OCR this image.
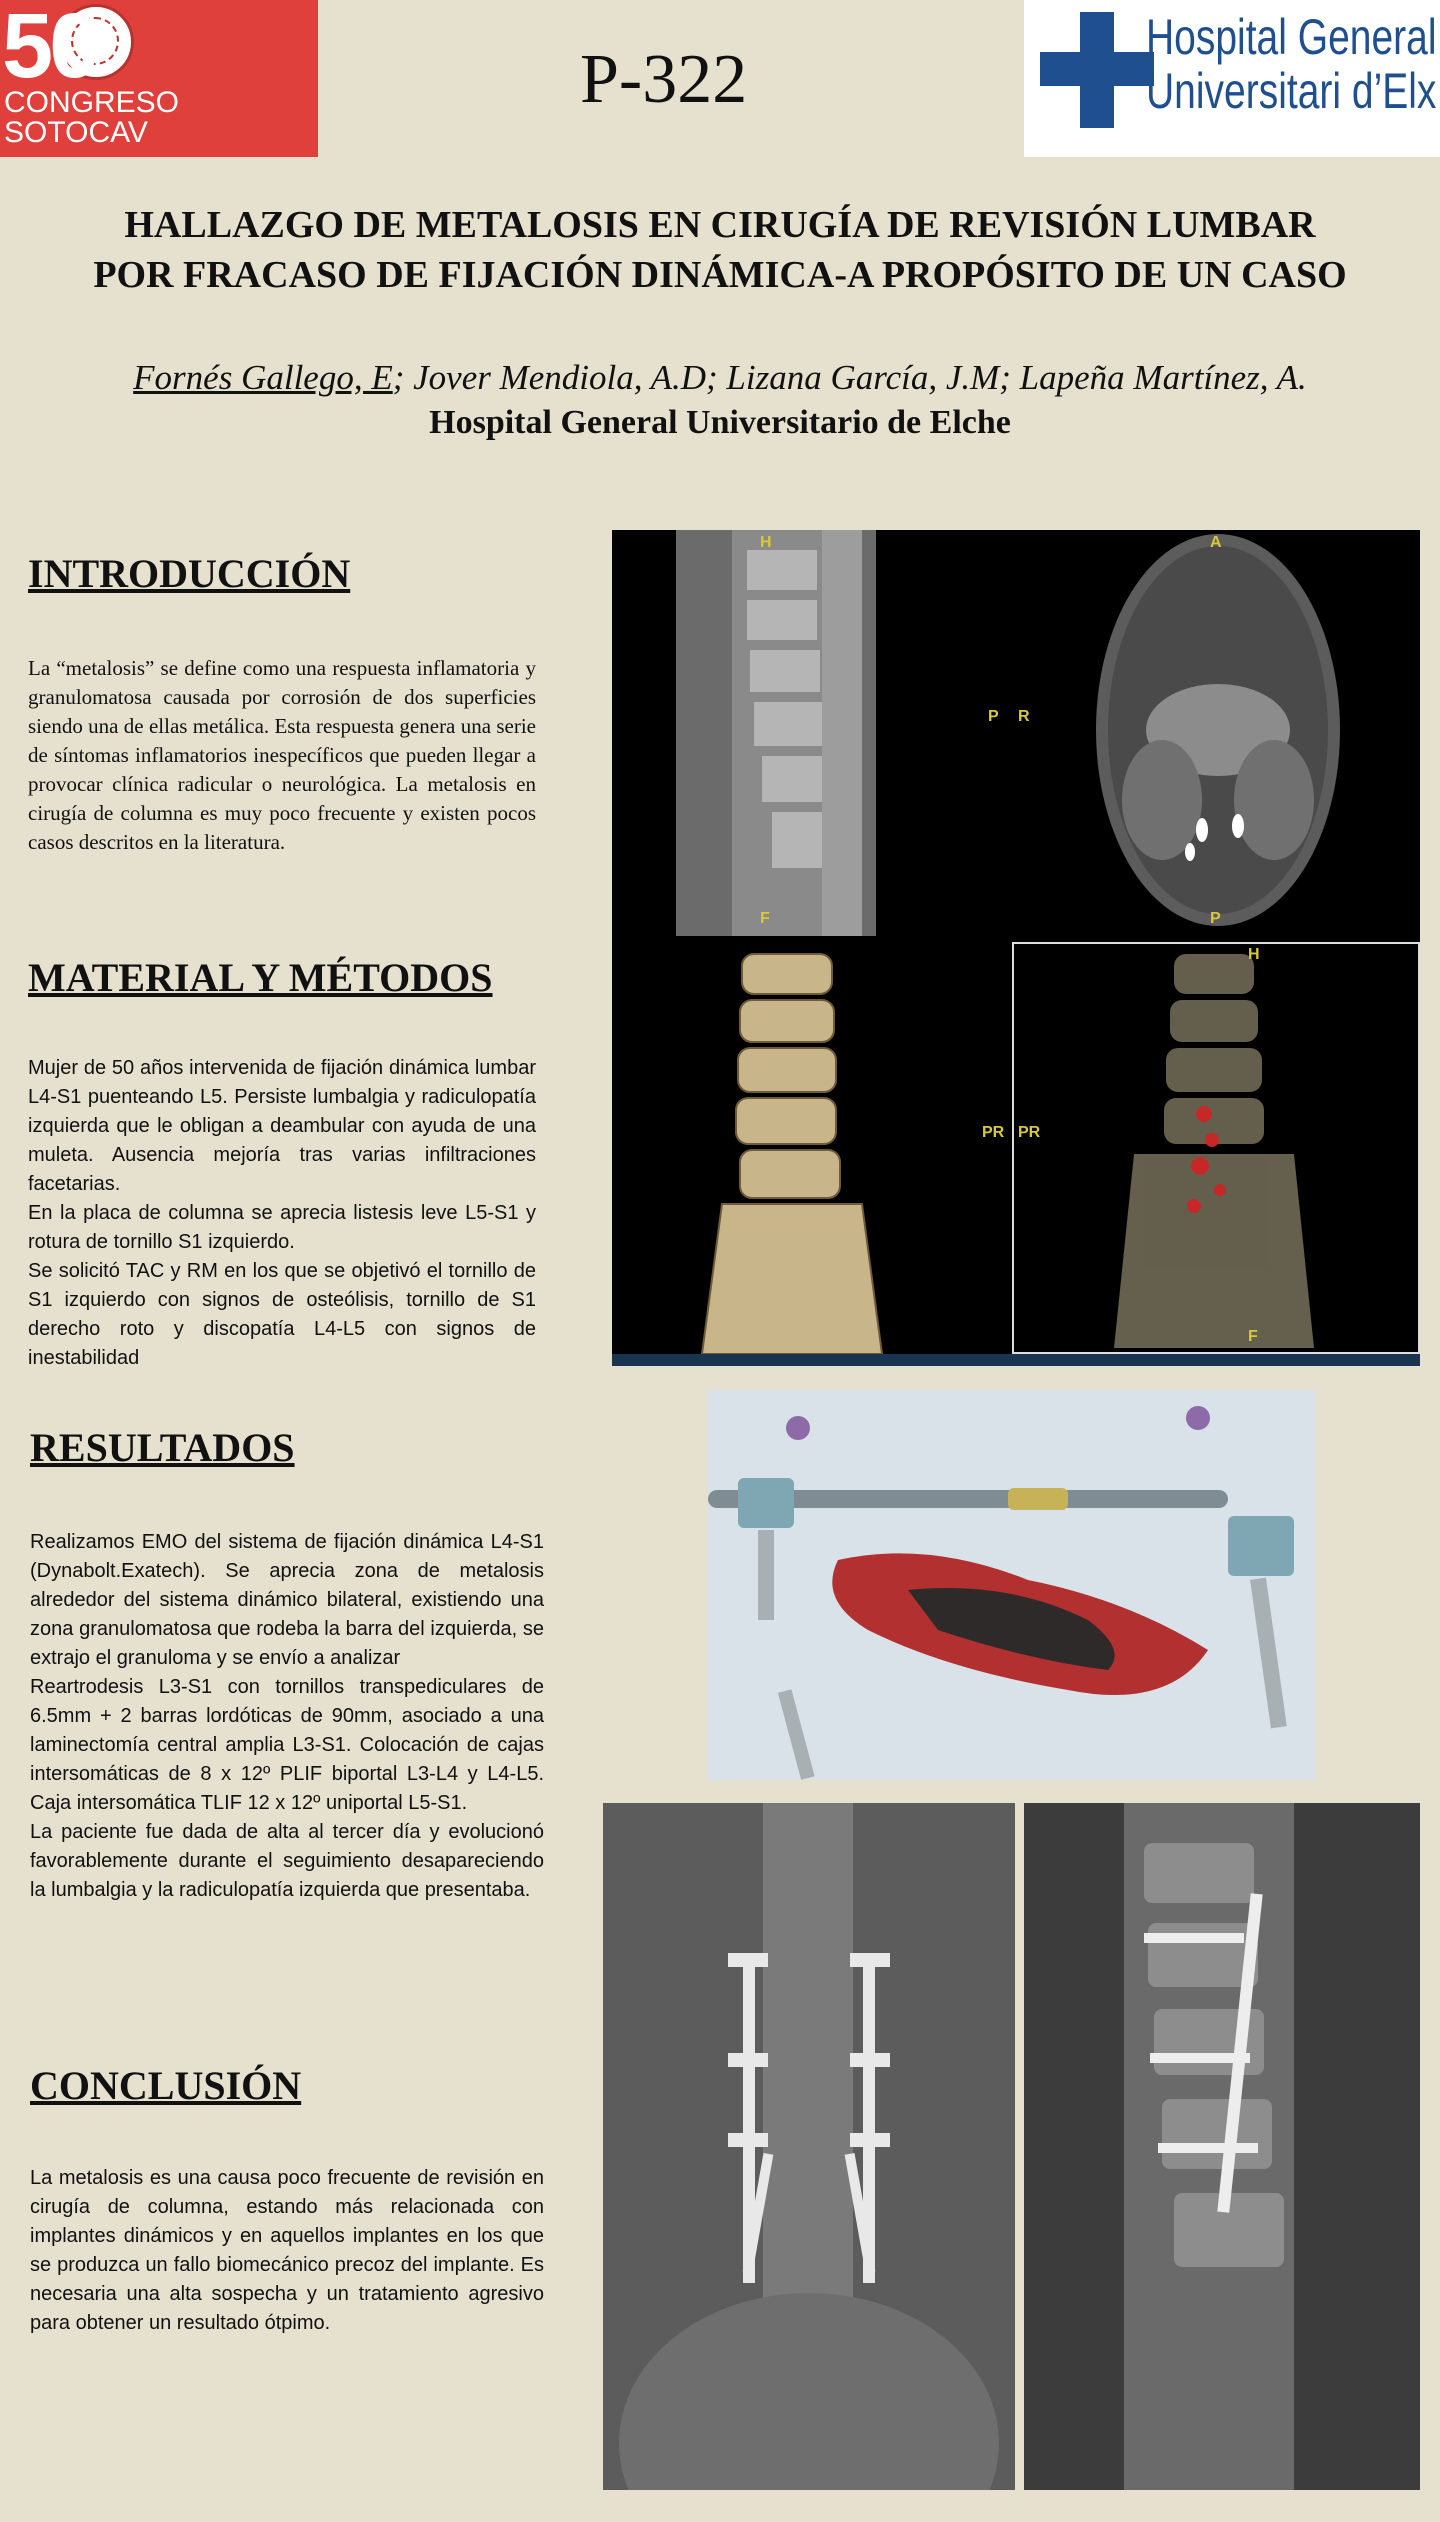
50
CONGRESO
SOTOCAV
P-322
Hospital General
Universitari d’Elx
HALLAZGO DE METALOSIS EN CIRUGÍA DE REVISIÓN LUMBAR
POR FRACASO DE FIJACIÓN DINÁMICA-A PROPÓSITO DE UN CASO
Fornés Gallego, E; Jover Mendiola, A.D; Lizana García, J.M; Lapeña Martínez, A.
Hospital General Universitario de Elche
INTRODUCCIÓN
La “metalosis” se define como una respuesta inflamatoria y granulomatosa causada por corrosión de dos superficies siendo una de ellas metálica. Esta respuesta genera una serie de síntomas inflamatorios inespecíficos que pueden llegar a provocar clínica radicular o neurológica. La metalosis en cirugía de columna es muy poco frecuente y existen pocos casos descritos en la literatura.
MATERIAL Y MÉTODOS
Mujer de 50 años intervenida de fijación dinámica lumbar L4-S1 puenteando L5. Persiste lumbalgia y radiculopatía izquierda que le obligan a deambular con ayuda de una muleta. Ausencia mejoría tras varias infiltraciones facetarias.
En la placa de columna se aprecia listesis leve L5-S1 y rotura de tornillo S1 izquierdo.
Se solicitó TAC y RM en los que se objetivó el tornillo de S1 izquierdo con signos de osteólisis, tornillo de S1 derecho roto y discopatía L4-L5 con signos de inestabilidad
RESULTADOS
Realizamos EMO del sistema de fijación dinámica L4-S1 (Dynabolt.Exatech). Se aprecia zona de metalosis alrededor del sistema dinámico bilateral, existiendo una zona granulomatosa que rodeba la barra del izquierda, se extrajo el granuloma y se envío a analizar
Reartrodesis L3-S1 con tornillos transpediculares de 6.5mm + 2 barras lordóticas de 90mm, asociado a una laminectomía central amplia L3-S1. Colocación de cajas intersomáticas de 8 x 12º PLIF biportal L3-L4 y L4-L5. Caja intersomática TLIF 12 x 12º uniportal L5-S1.
La paciente fue dada de alta al tercer día y evolucionó favorablemente durante el seguimiento desapareciendo la lumbalgia y la radiculopatía izquierda que presentaba.
CONCLUSIÓN
La metalosis es una causa poco frecuente de revisión en cirugía de columna, estando más relacionada con implantes dinámicos y en aquellos implantes en los que se produzca un fallo biomecánico precoz del implante. Es necesaria una alta sospecha y un tratamiento agresivo para obtener un resultado ótpimo.
H
F
P R
A
P
PR PR
H
F
